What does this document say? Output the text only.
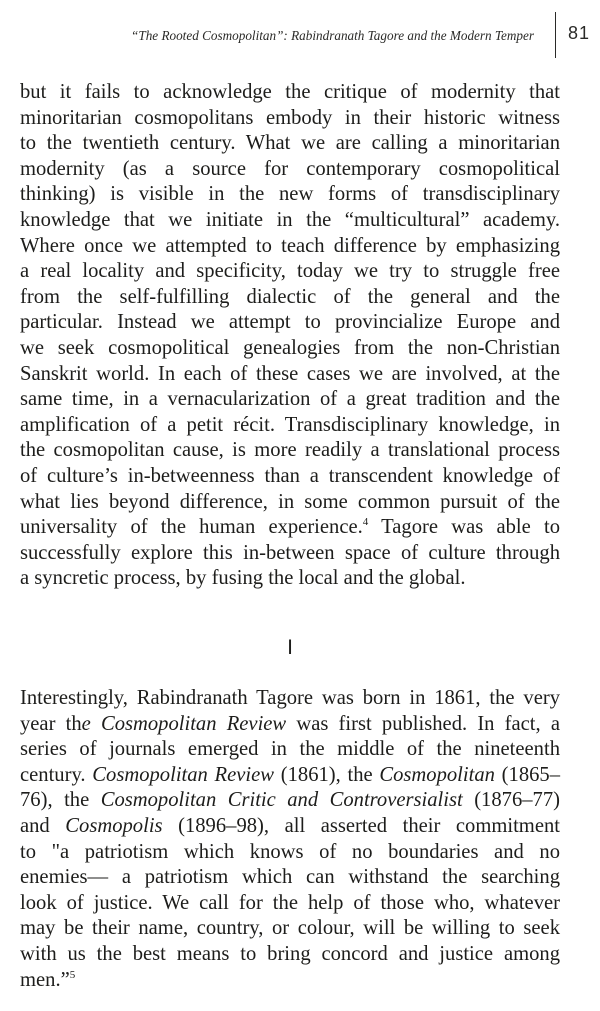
“The Rooted Cosmopolitan”: Rabindranath Tagore and the Modern Temper 81
but it fails to acknowledge the critique of modernity that
minoritarian cosmopolitans embody in their historic witness
to the twentieth century. What we are calling a minoritarian
modernity (as a source for contemporary cosmopolitical
thinking) is visible in the new forms of transdisciplinary
knowledge that we initiate in the “multicultural” academy.
Where once we attempted to teach difference by emphasizing
a real locality and specificity, today we try to struggle free
from the self-fulfilling dialectic of the general and the
particular. Instead we attempt to provincialize Europe and
we seek cosmopolitical genealogies from the non-Christian
Sanskrit world. In each of these cases we are involved, at the
same time, in a vernacularization of a great tradition and the
amplification of a petit récit. Transdisciplinary knowledge, in
the cosmopolitan cause, is more readily a translational process
of culture’s in-betweenness than a transcendent knowledge of
what lies beyond difference, in some common pursuit of the
universality of the human experience.$^4$ Tagore was able to
successfully explore this in-between space of culture through
a syncretic process, by fusing the local and the global.
I
Interestingly, Rabindranath Tagore was born in 1861, the very
year the Cosmopolitan Review was first published. In fact, a
series of journals emerged in the middle of the nineteenth
century. Cosmopolitan Review (1861), the Cosmopolitan (1865–
76), the Cosmopolitan Critic and Controversialist (1876–77)
and Cosmopolis (1896–98), all asserted their commitment
to "a patriotism which knows of no boundaries and no
enemies— a patriotism which can withstand the searching
look of justice. We call for the help of those who, whatever
may be their name, country, or colour, will be willing to seek
with us the best means to bring concord and justice among
men.”$^5$
